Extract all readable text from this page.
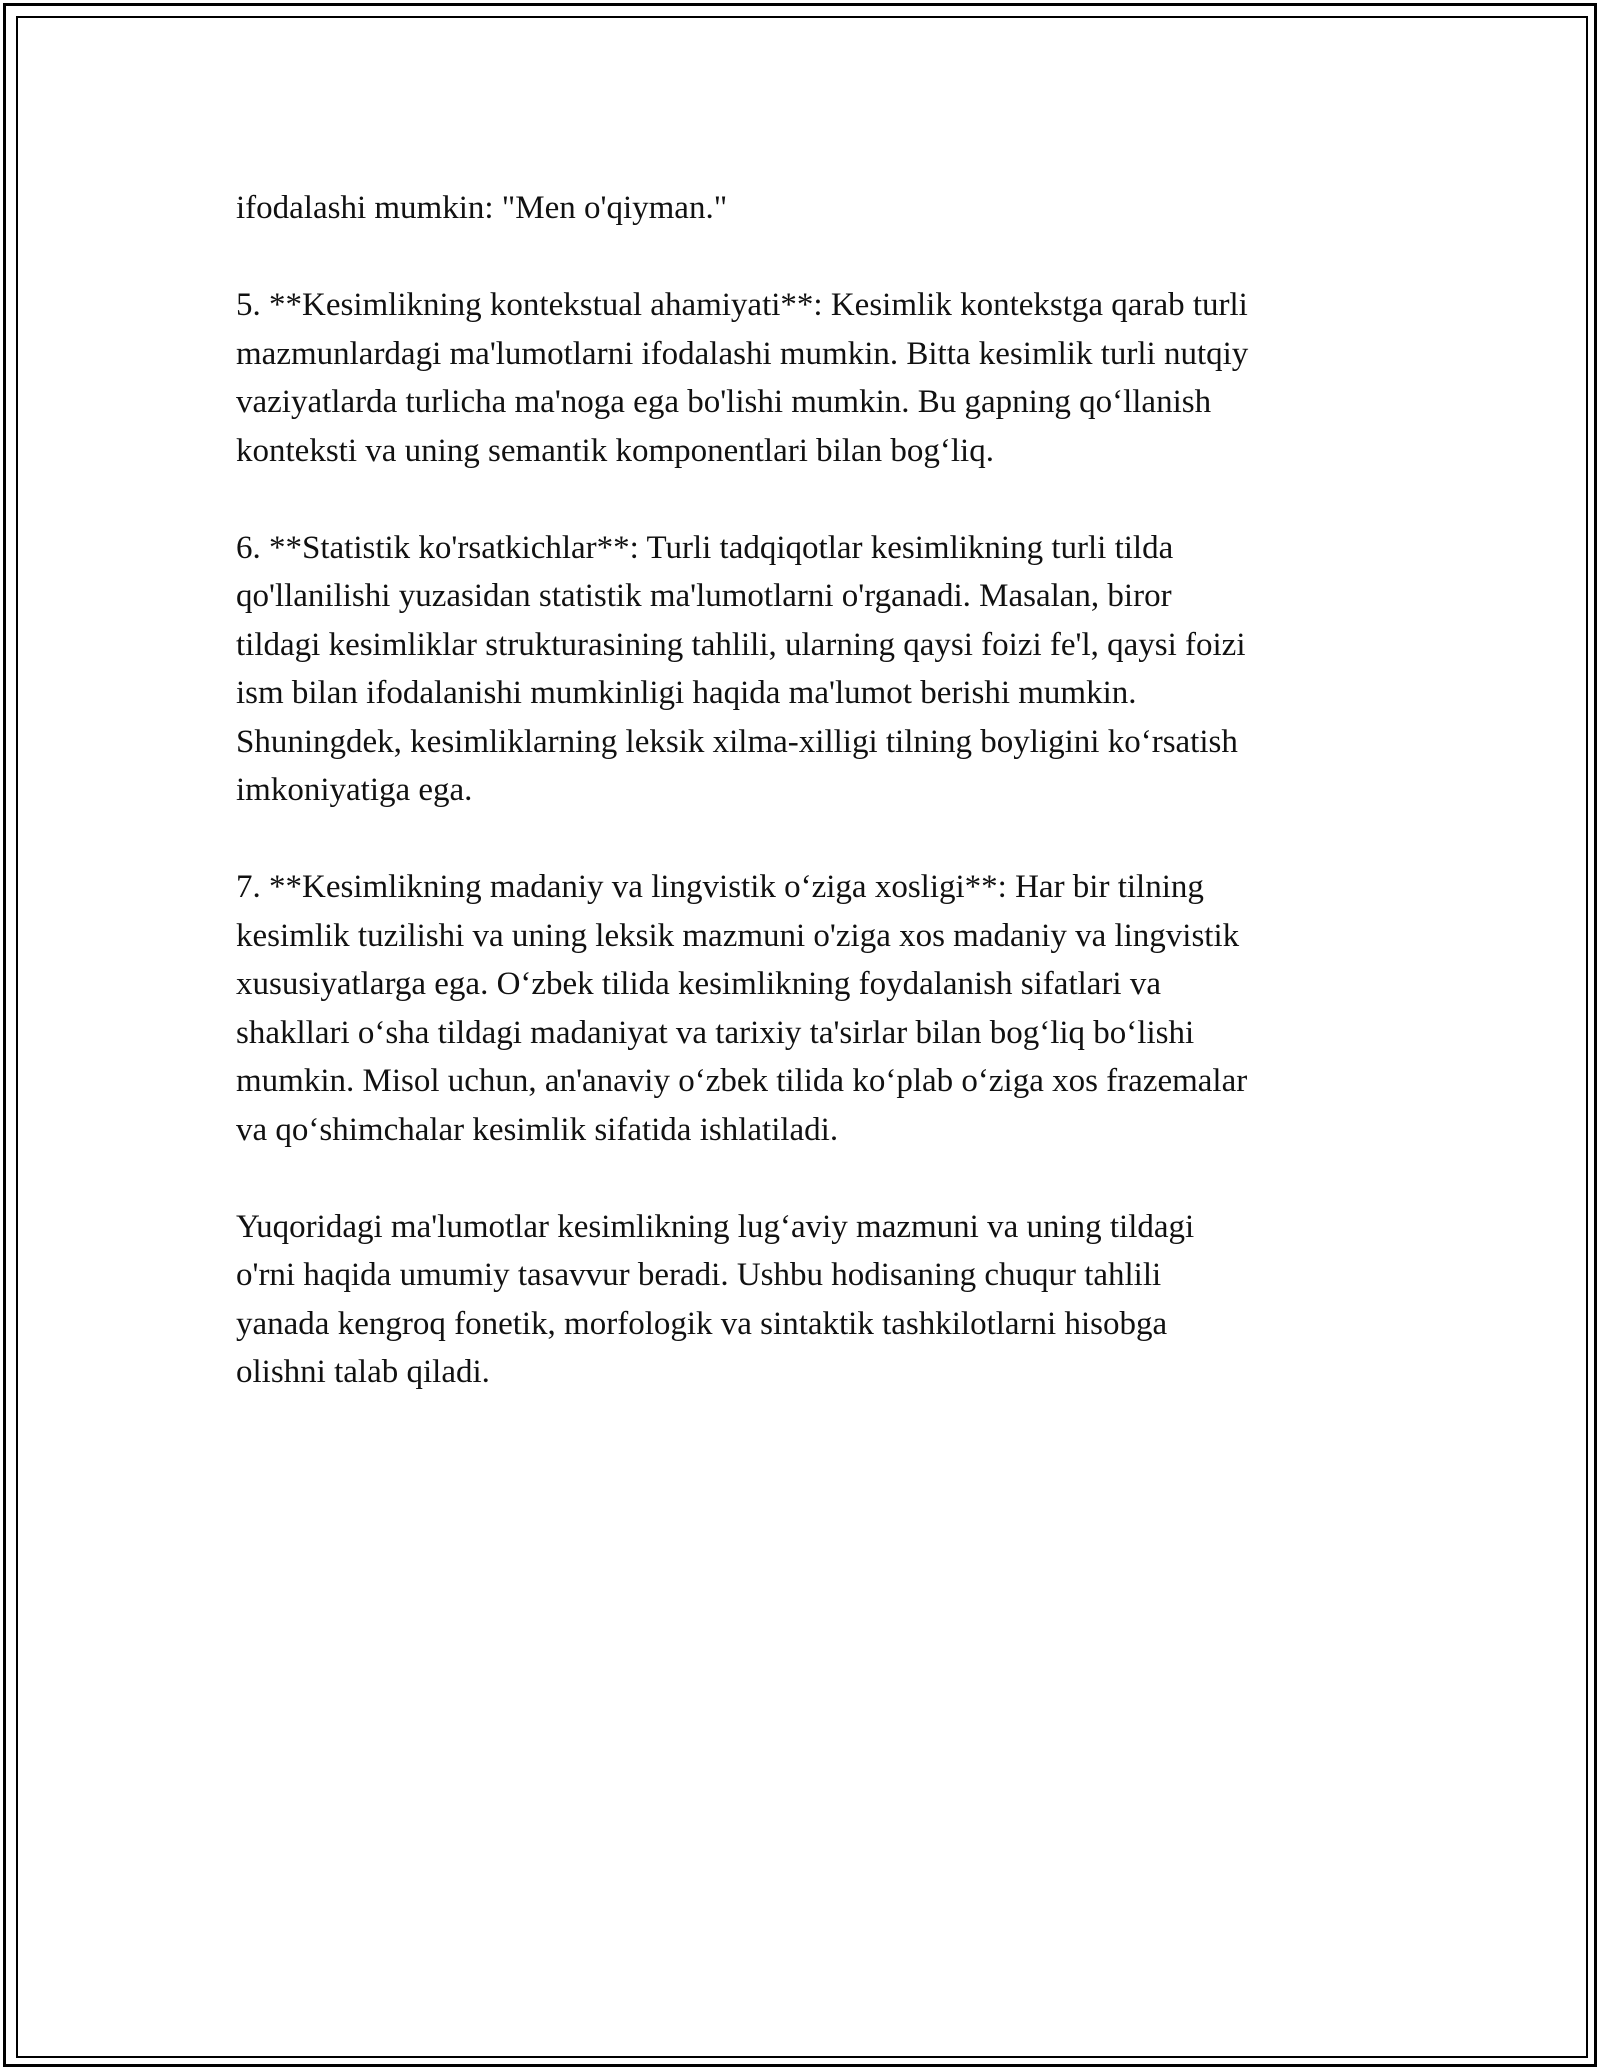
ifodalashi mumkin: "Men o'qiyman."

5. **Kesimlikning kontekstual ahamiyati**: Kesimlik kontekstga qarab turli
mazmunlardagi ma'lumotlarni ifodalashi mumkin. Bitta kesimlik turli nutqiy
vaziyatlarda turlicha ma'noga ega bo'lishi mumkin. Bu gapning qo‘llanish
konteksti va uning semantik komponentlari bilan bog‘liq.

6. **Statistik ko'rsatkichlar**: Turli tadqiqotlar kesimlikning turli tilda
qo'llanilishi yuzasidan statistik ma'lumotlarni o'rganadi. Masalan, biror
tildagi kesimliklar strukturasining tahlili, ularning qaysi foizi fe'l, qaysi foizi
ism bilan ifodalanishi mumkinligi haqida ma'lumot berishi mumkin.
Shuningdek, kesimliklarning leksik xilma-xilligi tilning boyligini ko‘rsatish
imkoniyatiga ega.

7. **Kesimlikning madaniy va lingvistik o‘ziga xosligi**: Har bir tilning
kesimlik tuzilishi va uning leksik mazmuni o'ziga xos madaniy va lingvistik
xususiyatlarga ega. O‘zbek tilida kesimlikning foydalanish sifatlari va
shakllari o‘sha tildagi madaniyat va tarixiy ta'sirlar bilan bog‘liq bo‘lishi
mumkin. Misol uchun, an'anaviy o‘zbek tilida ko‘plab o‘ziga xos frazemalar
va qo‘shimchalar kesimlik sifatida ishlatiladi.

Yuqoridagi ma'lumotlar kesimlikning lug‘aviy mazmuni va uning tildagi
o'rni haqida umumiy tasavvur beradi. Ushbu hodisaning chuqur tahlili
yanada kengroq fonetik, morfologik va sintaktik tashkilotlarni hisobga
olishni talab qiladi.
